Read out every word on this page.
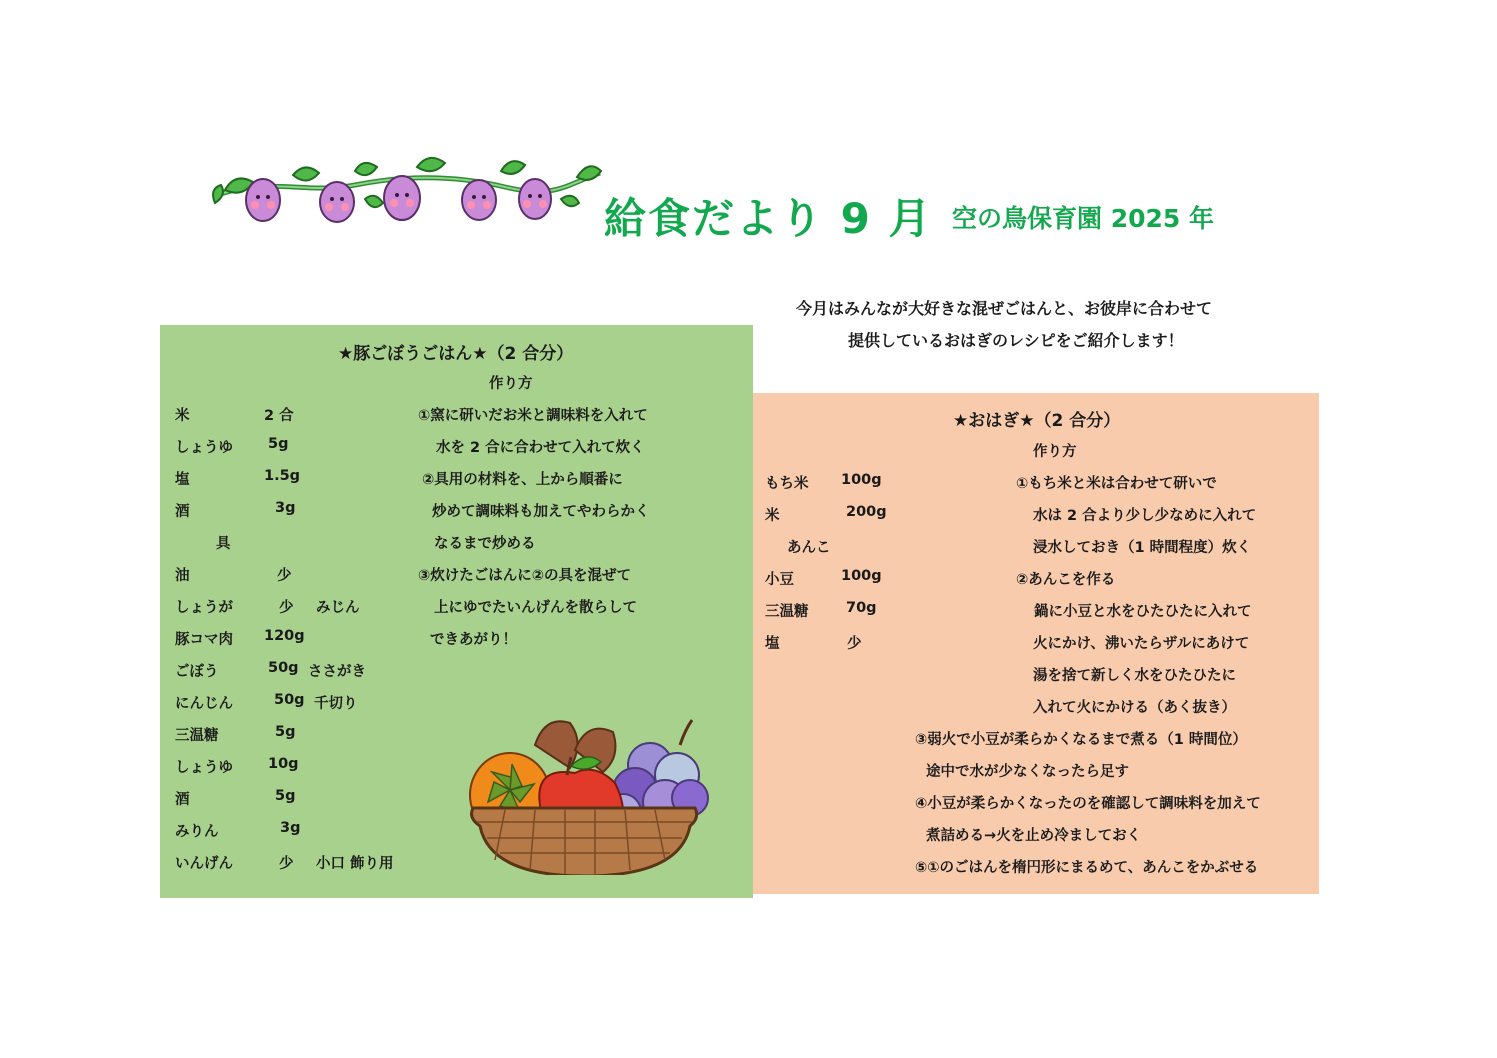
給食だより 9 月 空の鳥保育園 2025 年
今月はみんなが大好きな混ぜごはんと、お彼岸に合わせて
提供しているおはぎのレシピをご紹介します！
★豚ごぼうごはん★（2 合分）
作り方
米	2 合
しょうゆ 5g
塩	1.5g
酒	3g
具
油	少
しょうが	少 みじん
豚コマ肉 120g
ごぼう	50g ささがき
にんじん	50g 千切り
三温糖	5g
しょうゆ 10g
酒	5g
みりん	3g
いんげん	少 小口 飾り用
①窯に研いだお米と調味料を入れて
水を 2 合に合わせて入れて炊く
②具用の材料を、上から順番に
炒めて調味料も加えてやわらかく
なるまで炒める
③炊けたごはんに②の具を混ぜて
上にゆでたいんげんを散らして
できあがり！
★おはぎ★（2 合分）
作り方
もち米 100g
米	200g
あんこ
小豆	100g
三温糖	70g
塩	少
①もち米と米は合わせて研いで
水は 2 合より少し少なめに入れて
浸水しておき（1 時間程度）炊く
②あんこを作る
鍋に小豆と水をひたひたに入れて
火にかけ、沸いたらザルにあけて
湯を捨て新しく水をひたひたに
入れて火にかける（あく抜き）
③弱火で小豆が柔らかくなるまで煮る（1 時間位）
途中で水が少なくなったら足す
④小豆が柔らかくなったのを確認して調味料を加えて
煮詰める→火を止め冷ましておく
⑤①のごはんを楕円形にまるめて、あんこをかぶせる
